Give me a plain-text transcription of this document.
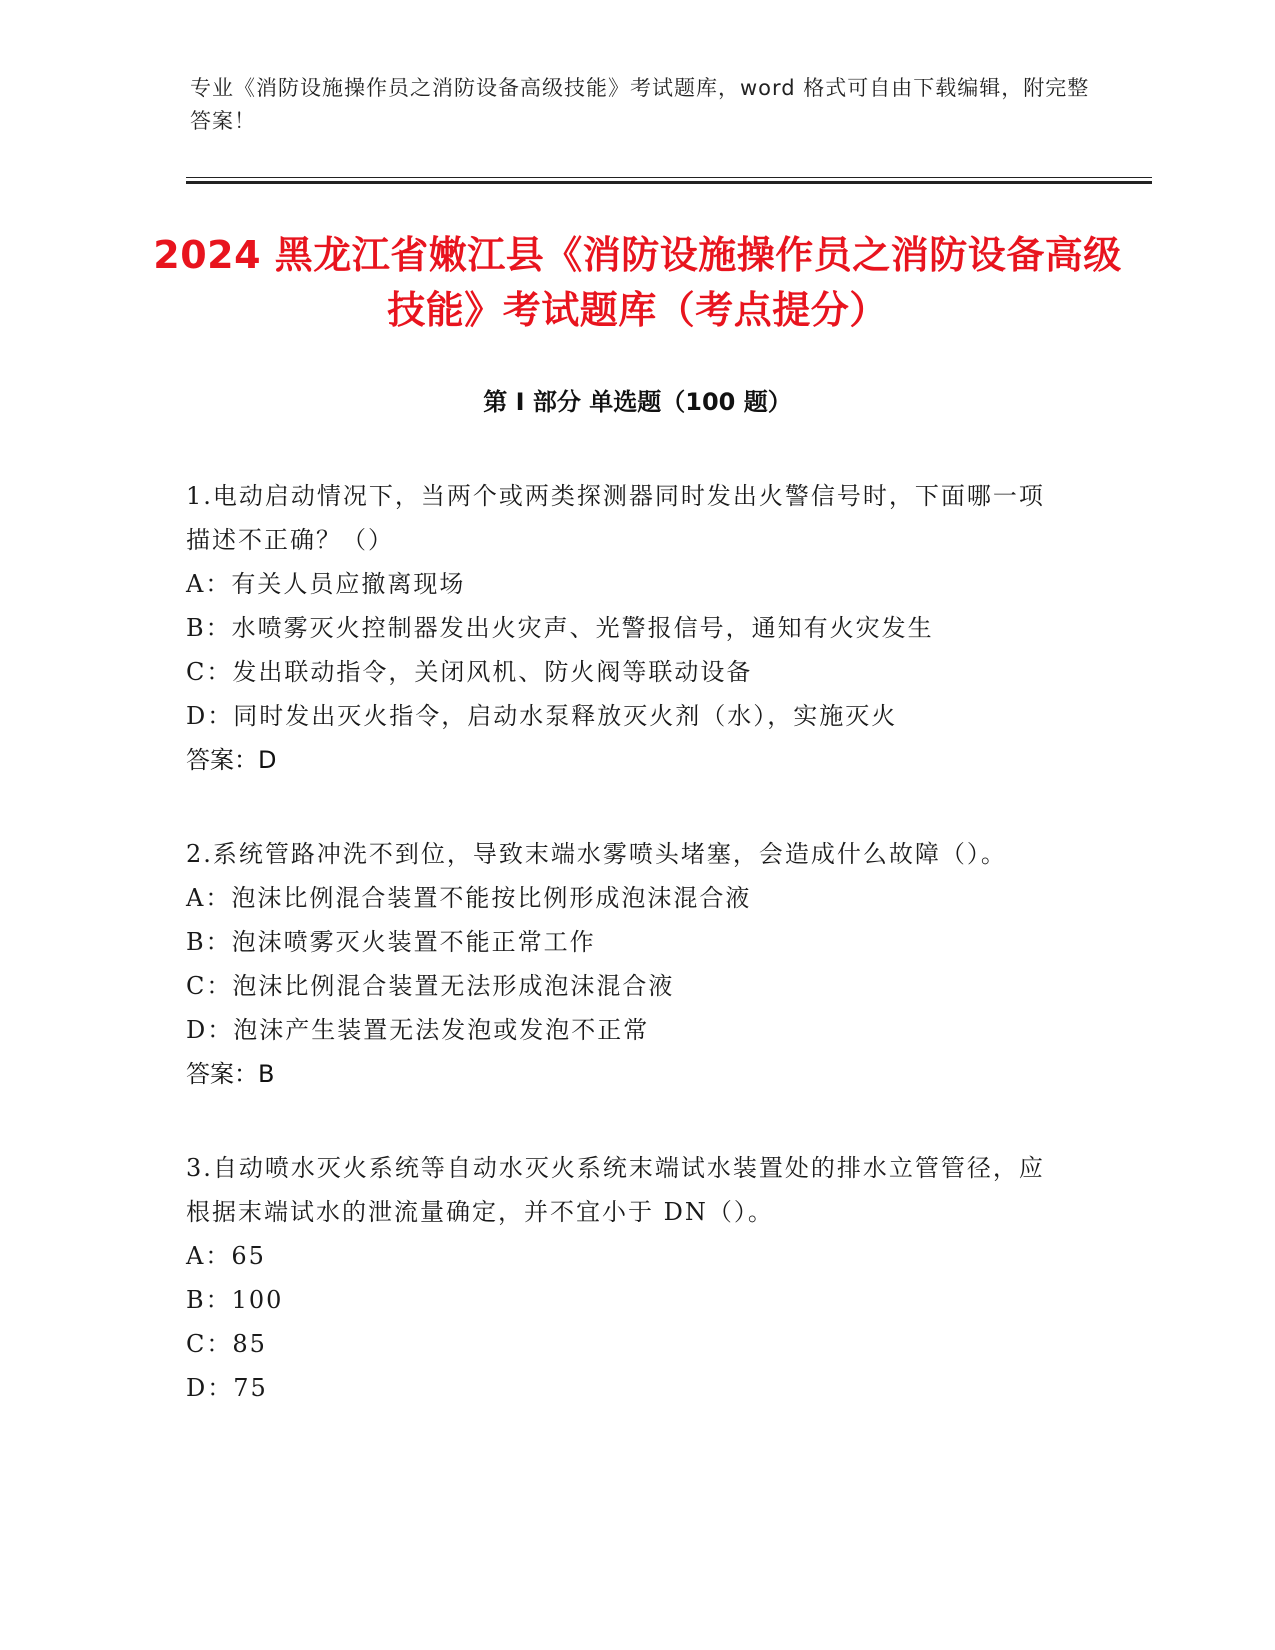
专业《消防设施操作员之消防设备高级技能》考试题库，word 格式可自由下载编辑，附完整答案！
2024 黑龙江省嫩江县《消防设施操作员之消防设备高级技能》考试题库（考点提分）
第 I 部分 单选题（100 题）
1.电动启动情况下，当两个或两类探测器同时发出火警信号时，下面哪一项描述不正确？（）
A：有关人员应撤离现场
B：水喷雾灭火控制器发出火灾声、光警报信号，通知有火灾发生
C：发出联动指令，关闭风机、防火阀等联动设备
D：同时发出灭火指令，启动水泵释放灭火剂（水），实施灭火
答案：D
2.系统管路冲洗不到位，导致末端水雾喷头堵塞，会造成什么故障（）。
A：泡沫比例混合装置不能按比例形成泡沫混合液
B：泡沫喷雾灭火装置不能正常工作
C：泡沫比例混合装置无法形成泡沫混合液
D：泡沫产生装置无法发泡或发泡不正常
答案：B
3.自动喷水灭火系统等自动水灭火系统末端试水装置处的排水立管管径，应根据末端试水的泄流量确定，并不宜小于 DN（）。
A：65
B：100
C：85
D：75
